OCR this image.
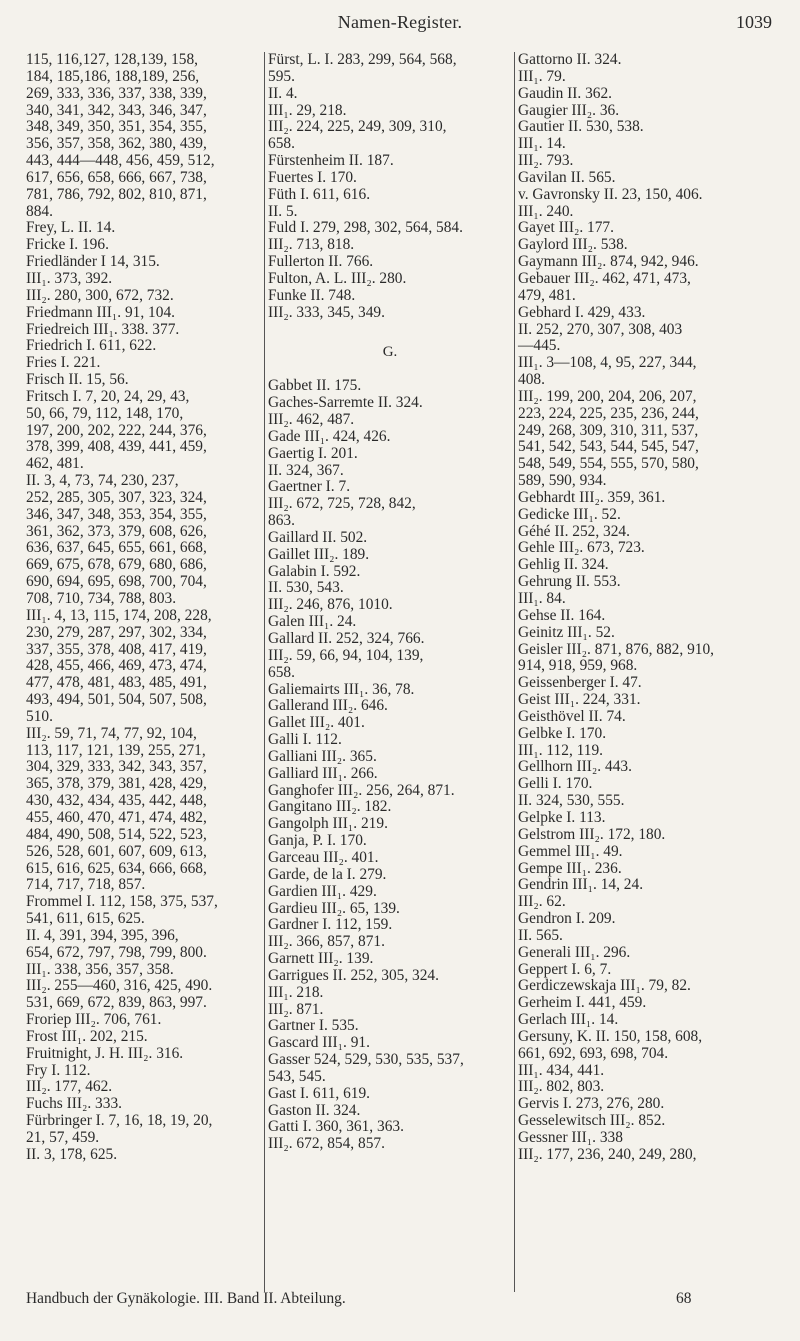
Namen-Register.	1039
115, 116,127, 128,139, 158,
184, 185,186, 188,189, 256,
269, 333, 336, 337, 338, 339,
340, 341, 342, 343, 346, 347,
348, 349, 350, 351, 354, 355,
356, 357, 358, 362, 380, 439,
443, 444—448, 456, 459, 512,
617, 656, 658, 666, 667, 738,
781, 786, 792, 802, 810, 871,
884.
Frey, L. II. 14.
Fricke I. 196.
Friedländer I 14, 315.
III₁. 373, 392.
III₂. 280, 300, 672, 732.
Friedmann III₁. 91, 104.
Friedreich III₁. 338. 377.
Friedrich I. 611, 622.
Fries I. 221.
Frisch II. 15, 56.
Fritsch I. 7, 20, 24, 29, 43,
50, 66, 79, 112, 148, 170,
197, 200, 202, 222, 244, 376,
378, 399, 408, 439, 441, 459,
462, 481.
II. 3, 4, 73, 74, 230, 237,
252, 285, 305, 307, 323, 324,
346, 347, 348, 353, 354, 355,
361, 362, 373, 379, 608, 626,
636, 637, 645, 655, 661, 668,
669, 675, 678, 679, 680, 686,
690, 694, 695, 698, 700, 704,
708, 710, 734, 788, 803.
III₁. 4, 13, 115, 174, 208, 228,
230, 279, 287, 297, 302, 334,
337, 355, 378, 408, 417, 419,
428, 455, 466, 469, 473, 474,
477, 478, 481, 483, 485, 491,
493, 494, 501, 504, 507, 508,
510.
III₂. 59, 71, 74, 77, 92, 104,
113, 117, 121, 139, 255, 271,
304, 329, 333, 342, 343, 357,
365, 378, 379, 381, 428, 429,
430, 432, 434, 435, 442, 448,
455, 460, 470, 471, 474, 482,
484, 490, 508, 514, 522, 523,
526, 528, 601, 607, 609, 613,
615, 616, 625, 634, 666, 668,
714, 717, 718, 857.
Frommel I. 112, 158, 375, 537,
541, 611, 615, 625.
II. 4, 391, 394, 395, 396,
654, 672, 797, 798, 799, 800.
III₁. 338, 356, 357, 358.
III₂. 255—460, 316, 425, 490.
531, 669, 672, 839, 863, 997.
Froriep III₂. 706, 761.
Frost III₁. 202, 215.
Fruitnight, J. H. III₂. 316.
Fry I. 112.
III₂. 177, 462.
Fuchs III₂. 333.
Fürbringer I. 7, 16, 18, 19, 20,
21, 57, 459.
II. 3, 178, 625.
Fürst, L. I. 283, 299, 564, 568,
595.
II. 4.
III₁. 29, 218.
III₂. 224, 225, 249, 309, 310,
658.
Fürstenheim II. 187.
Fuertes I. 170.
Füth I. 611, 616.
II. 5.
Fuld I. 279, 298, 302, 564, 584.
III₂. 713, 818.
Fullerton II. 766.
Fulton, A. L. III₂. 280.
Funke II. 748.
III₂. 333, 345, 349.
G.
Gabbet II. 175.
Gaches-Sarremte II. 324.
III₂. 462, 487.
Gade III₁. 424, 426.
Gaertig I. 201.
II. 324, 367.
Gaertner I. 7.
III₂. 672, 725, 728, 842,
863.
Gaillard II. 502.
Gaillet III₂. 189.
Galabin I. 592.
II. 530, 543.
III₂. 246, 876, 1010.
Galen III₁. 24.
Gallard II. 252, 324, 766.
III₂. 59, 66, 94, 104, 139,
658.
Galiemairts III₁. 36, 78.
Gallerand III₂. 646.
Gallet III₂. 401.
Galli I. 112.
Galliani III₂. 365.
Galliard III₁. 266.
Ganghofer III₂. 256, 264, 871.
Gangitano III₂. 182.
Gangolph III₁. 219.
Ganja, P. I. 170.
Garceau III₂. 401.
Garde, de la I. 279.
Gardien III₁. 429.
Gardieu III₂. 65, 139.
Gardner I. 112, 159.
III₂. 366, 857, 871.
Garnett III₂. 139.
Garrigues II. 252, 305, 324.
III₁. 218.
III₂. 871.
Gartner I. 535.
Gascard III₁. 91.
Gasser 524, 529, 530, 535, 537,
543, 545.
Gast I. 611, 619.
Gaston II. 324.
Gatti I. 360, 361, 363.
III₂. 672, 854, 857.
Gattorno II. 324.
III₁. 79.
Gaudin II. 362.
Gaugier III₂. 36.
Gautier II. 530, 538.
III₁. 14.
III₂. 793.
Gavilan II. 565.
v. Gavronsky II. 23, 150, 406.
III₁. 240.
Gayet III₂. 177.
Gaylord III₂. 538.
Gaymann III₂. 874, 942, 946.
Gebauer III₂. 462, 471, 473,
479, 481.
Gebhard I. 429, 433.
II. 252, 270, 307, 308, 403
—445.
III₁. 3—108, 4, 95, 227, 344,
408.
III₂. 199, 200, 204, 206, 207,
223, 224, 225, 235, 236, 244,
249, 268, 309, 310, 311, 537,
541, 542, 543, 544, 545, 547,
548, 549, 554, 555, 570, 580,
589, 590, 934.
Gebhardt III₂. 359, 361.
Gedicke III₁. 52.
Géhé II. 252, 324.
Gehle III₂. 673, 723.
Gehlig II. 324.
Gehrung II. 553.
III₁. 84.
Gehse II. 164.
Geinitz III₁. 52.
Geisler III₂. 871, 876, 882, 910,
914, 918, 959, 968.
Geissenberger I. 47.
Geist III₁. 224, 331.
Geisthövel II. 74.
Gelbke I. 170.
III₁. 112, 119.
Gellhorn III₂. 443.
Gelli I. 170.
II. 324, 530, 555.
Gelpke I. 113.
Gelstrom III₂. 172, 180.
Gemmel III₁. 49.
Gempe III₁. 236.
Gendrin III₁. 14, 24.
III₂. 62.
Gendron I. 209.
II. 565.
Generali III₁. 296.
Geppert I. 6, 7.
Gerdiczewskaja III₁. 79, 82.
Gerheim I. 441, 459.
Gerlach III₁. 14.
Gersuny, K. II. 150, 158, 608,
661, 692, 693, 698, 704.
III₁. 434, 441.
III₂. 802, 803.
Gervis I. 273, 276, 280.
Gesselewitsch III₂. 852.
Gessner III₁. 338
III₂. 177, 236, 240, 249, 280,
Handbuch der Gynäkologie. III. Band II. Abteilung.	68
